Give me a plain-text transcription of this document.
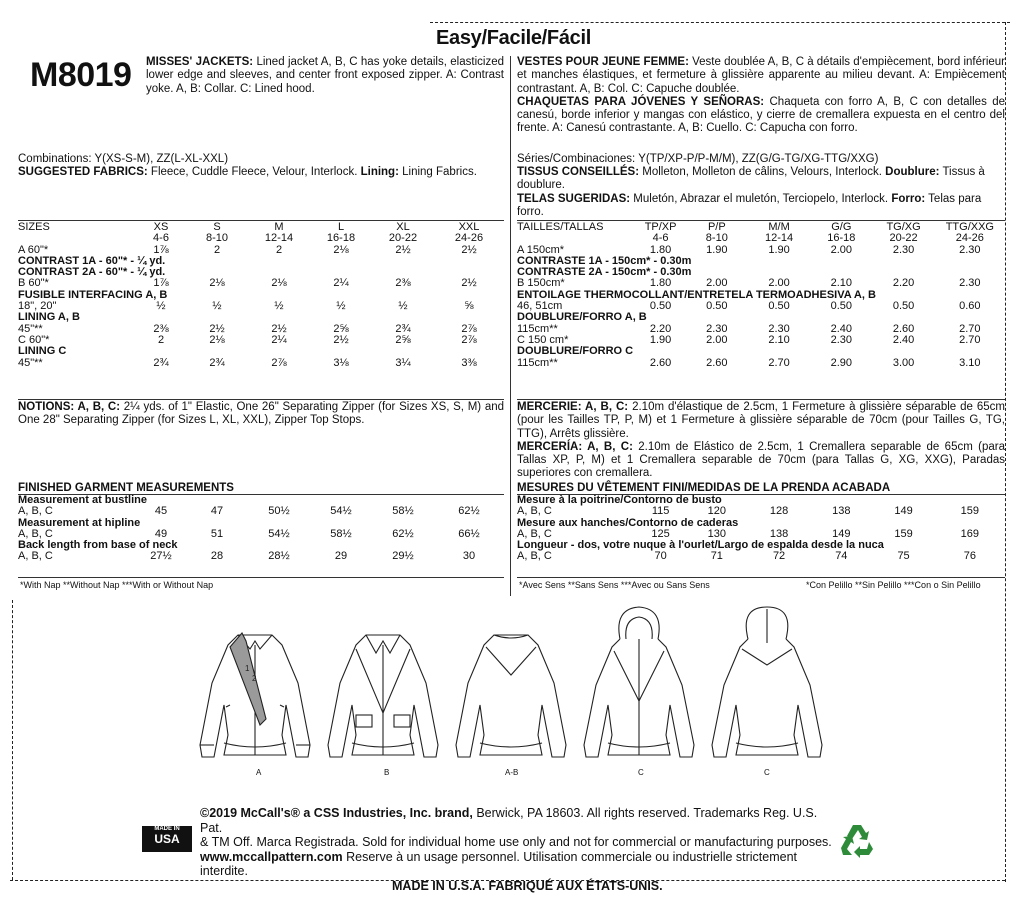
Easy/Facile/Fácil
M8019 MISSES' JACKETS: Lined jacket A, B, C has yoke details, elasticized lower edge and sleeves, and center front exposed zipper. A: Contrast yoke. A, B: Collar. C: Lined hood.
VESTES POUR JEUNE FEMME: Veste doublée A, B, C à détails d'empiècement, bord inférieur et manches élastiques, et fermeture à glissière apparente au milieu devant. A: Empiècement contrastant. A, B: Col. C: Capuche doublée.
CHAQUETAS PARA JÓVENES Y SEÑORAS: Chaqueta con forro A, B, C con detalles de canesú, borde inferior y mangas con elástico, y cierre de cremallera expuesta en el centro del frente. A: Canesú contrastante. A, B: Cuello. C: Capucha con forro.
Combinations: Y(XS-S-M), ZZ(L-XL-XXL)
SUGGESTED FABRICS: Fleece, Cuddle Fleece, Velour, Interlock. Lining: Lining Fabrics.
Séries/Combinaciones: Y(TP/XP-P/P-M/M), ZZ(G/G-TG/XG-TTG/XXG)
TISSUS CONSEILLÉS: Molleton, Molleton de câlins, Velours, Interlock. Doublure: Tissus à doublure.
TELAS SUGERIDAS: Muletón, Abrazar el muletón, Terciopelo, Interlock. Forro: Telas para forro.
SIZES	XS	S	M	L	XL	XXL
	4-6	8-10	12-14	16-18	20-22	24-26
A 60"*	1⅞	2	2	2⅛	2½	2½
CONTRAST 1A - 60"* - ¼ yd.						
CONTRAST 2A - 60"* - ¼ yd.						
B 60"*	1⅞	2⅛	2⅛	2¼	2⅜	2½
FUSIBLE INTERFACING A, B						
18", 20"	½	½	½	½	½	⅝
LINING A, B						
45"**	2⅜	2½	2½	2⅝	2¾	2⅞
C 60"*	2	2⅛	2¼	2½	2⅝	2⅞
LINING C						
45"**	2¾	2¾	2⅞	3⅛	3¼	3⅜
TAILLES/TALLAS	TP/XP	P/P	M/M	G/G	TG/XG	TTG/XXG
	4-6	8-10	12-14	16-18	20-22	24-26
A 150cm*	1.80	1.90	1.90	2.00	2.30	2.30
CONTRASTE 1A - 150cm* - 0.30m						
CONTRASTE 2A - 150cm* - 0.30m						
B 150cm*	1.80	2.00	2.00	2.10	2.20	2.30
ENTOILAGE THERMOCOLLANT/ENTRETELA TERMOADHESIVA A, B						
46, 51cm	0.50	0.50	0.50	0.50	0.50	0.60
DOUBLURE/FORRO A, B						
115cm**	2.20	2.30	2.30	2.40	2.60	2.70
C 150 cm*	1.90	2.00	2.10	2.30	2.40	2.70
DOUBLURE/FORRO C						
115cm**	2.60	2.60	2.70	2.90	3.00	3.10
NOTIONS: A, B, C: 2¼ yds. of 1" Elastic, One 26" Separating Zipper (for Sizes XS, S, M) and One 28" Separating Zipper (for Sizes L, XL, XXL), Zipper Top Stops.
MERCERIE: A, B, C: 2.10m d'élastique de 2.5cm, 1 Fermeture à glissière séparable de 65cm (pour les Tailles TP, P, M) et 1 Fermeture à glissière séparable de 70cm (pour Tailles G, TG, TTG), Arrêts glissière.
MERCERÍA: A, B, C: 2.10m de Elástico de 2.5cm, 1 Cremallera separable de 65cm (para Tallas XP, P, M) et 1 Cremallera separable de 70cm (para Tallas G, XG, XXG), Paradas superiores con cremallera.
FINISHED GARMENT MEASUREMENTS
Measurement at bustline						
A, B, C	45	47	50½	54½	58½	62½
Measurement at hipline						
A, B, C	49	51	54½	58½	62½	66½
Back length from base of neck						
A, B, C	27½	28	28½	29	29½	30
*With Nap **Without Nap ***With or Without Nap
MESURES DU VÊTEMENT FINI/MEDIDAS DE LA PRENDA ACABADA
Mesure à la poitrine/Contorno de busto						
A, B, C	115	120	128	138	149	159
Mesure aux hanches/Contorno de caderas						
A, B, C	125	130	138	149	159	169
Longueur - dos, votre nuque à l'ourlet/Largo de espalda desde la nuca						
A, B, C	70	71	72	74	75	76
*Avec Sens **Sans Sens ***Avec ou Sans Sens	*Con Pelillo **Sin Pelillo ***Con o Sin Pelillo
1
2
A	B	A-B	C	C
MADE IN
USA
©2019 McCall's® a CSS Industries, Inc. brand, Berwick, PA 18603. All rights reserved. Trademarks Reg. U.S. Pat.
& TM Off. Marca Registrada. Sold for individual home use only and not for commercial or manufacturing purposes.
www.mccallpattern.com Reserve à un usage personnel. Utilisation commerciale ou industrielle strictement interdite.
MADE IN U.S.A. FABRIQUÉ AUX ÉTATS-UNIS.
